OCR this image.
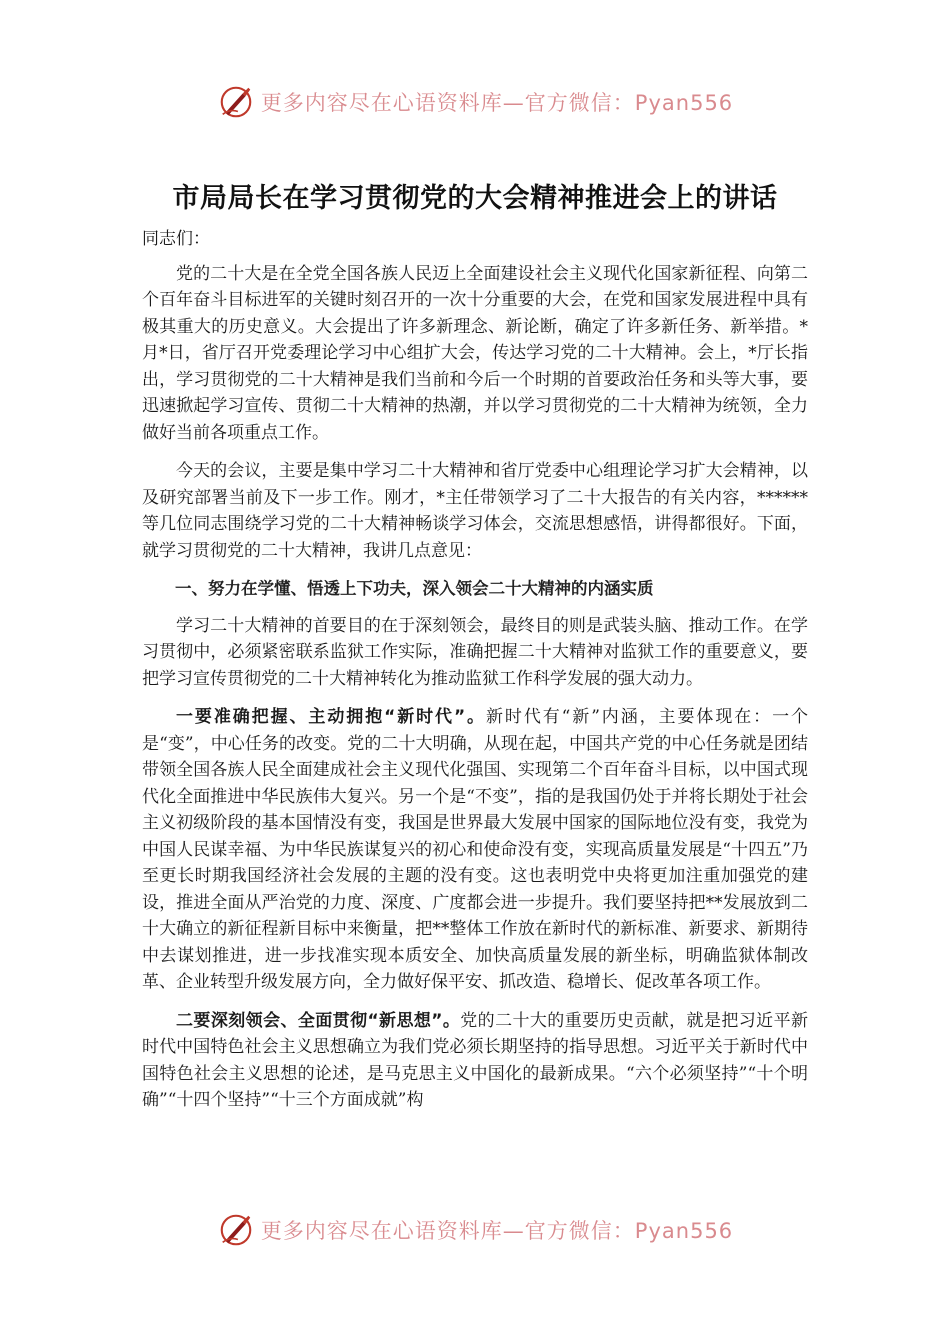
更多内容尽在心语资料库—官方微信：Pyan556
市局局长在学习贯彻党的大会精神推进会上的讲话

同志们：

党的二十大是在全党全国各族人民迈上全面建设社会主义现代化国家新征程、向第二个百年奋斗目标进军的关键时刻召开的一次十分重要的大会，在党和国家发展进程中具有极其重大的历史意义。大会提出了许多新理念、新论断，确定了许多新任务、新举措。*月*日，省厅召开党委理论学习中心组扩大会，传达学习党的二十大精神。会上，*厅长指出，学习贯彻党的二十大精神是我们当前和今后一个时期的首要政治任务和头等大事，要迅速掀起学习宣传、贯彻二十大精神的热潮，并以学习贯彻党的二十大精神为统领，全力做好当前各项重点工作。

今天的会议，主要是集中学习二十大精神和省厅党委中心组理论学习扩大会精神，以及研究部署当前及下一步工作。刚才，*主任带领学习了二十大报告的有关内容，******等几位同志围绕学习党的二十大精神畅谈学习体会，交流思想感悟，讲得都很好。下面，就学习贯彻党的二十大精神，我讲几点意见：

一、努力在学懂、悟透上下功夫，深入领会二十大精神的内涵实质

学习二十大精神的首要目的在于深刻领会，最终目的则是武装头脑、推动工作。在学习贯彻中，必须紧密联系监狱工作实际，准确把握二十大精神对监狱工作的重要意义，要把学习宣传贯彻党的二十大精神转化为推动监狱工作科学发展的强大动力。

一要准确把握、主动拥抱“新时代”。新时代有“新”内涵，主要体现在：一个是“变”，中心任务的改变。党的二十大明确，从现在起，中国共产党的中心任务就是团结带领全国各族人民全面建成社会主义现代化强国、实现第二个百年奋斗目标，以中国式现代化全面推进中华民族伟大复兴。另一个是“不变”，指的是我国仍处于并将长期处于社会主义初级阶段的基本国情没有变，我国是世界最大发展中国家的国际地位没有变，我党为中国人民谋幸福、为中华民族谋复兴的初心和使命没有变，实现高质量发展是“十四五”乃至更长时期我国经济社会发展的主题的没有变。这也表明党中央将更加注重加强党的建设，推进全面从严治党的力度、深度、广度都会进一步提升。我们要坚持把**发展放到二十大确立的新征程新目标中来衡量，把**整体工作放在新时代的新标准、新要求、新期待中去谋划推进，进一步找准实现本质安全、加快高质量发展的新坐标，明确监狱体制改革、企业转型升级发展方向，全力做好保平安、抓改造、稳增长、促改革各项工作。

二要深刻领会、全面贯彻“新思想”。党的二十大的重要历史贡献，就是把习近平新时代中国特色社会主义思想确立为我们党必须长期坚持的指导思想。习近平关于新时代中国特色社会主义思想的论述，是马克思主义中国化的最新成果。“六个必须坚持”“十个明确”“十四个坚持”“十三个方面成就”构

更多内容尽在心语资料库—官方微信：Pyan556
